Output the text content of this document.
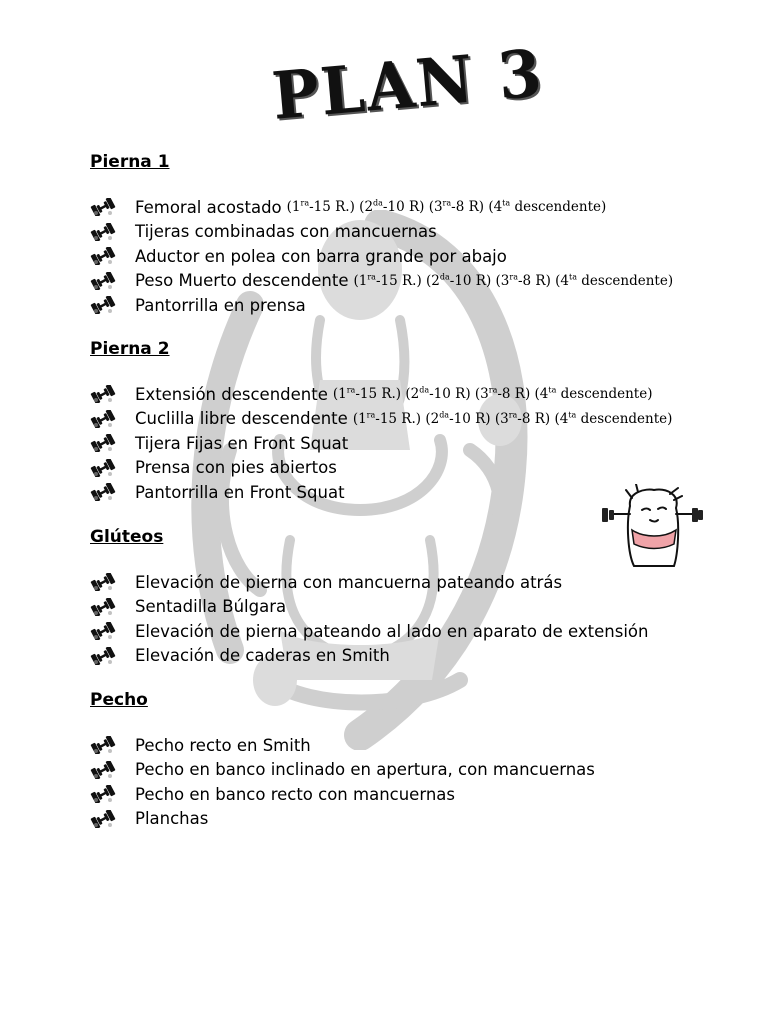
PLAN 3

Pierna 1

Femoral acostado ($1^{ra}-15$ R.) ($2^{da}-10$ R) ($3^{ra}-8$ R) ($4^{ta}$ descendente)
Tijeras combinadas con mancuernas
Aductor en polea con barra grande por abajo
Peso Muerto descendente ($1^{ra}-15$ R.) ($2^{da}-10$ R) ($3^{ra}-8$ R) ($4^{ta}$ descendente)
Pantorrilla en prensa

Pierna 2

Extensión descendente ($1^{ra}-15$ R.) ($2^{da}-10$ R) ($3^{ra}-8$ R) ($4^{ta}$ descendente)
Cuclilla libre descendente ($1^{ra}-15$ R.) ($2^{da}-10$ R) ($3^{ra}-8$ R) ($4^{ta}$ descendente)
Tijera Fijas en Front Squat
Prensa con pies abiertos
Pantorrilla en Front Squat

Glúteos

Elevación de pierna con mancuerna pateando atrás
Sentadilla Búlgara
Elevación de pierna pateando al lado en aparato de extensión
Elevación de caderas en Smith

Pecho

Pecho recto en Smith
Pecho en banco inclinado en apertura, con mancuernas
Pecho en banco recto con mancuernas
Planchas
